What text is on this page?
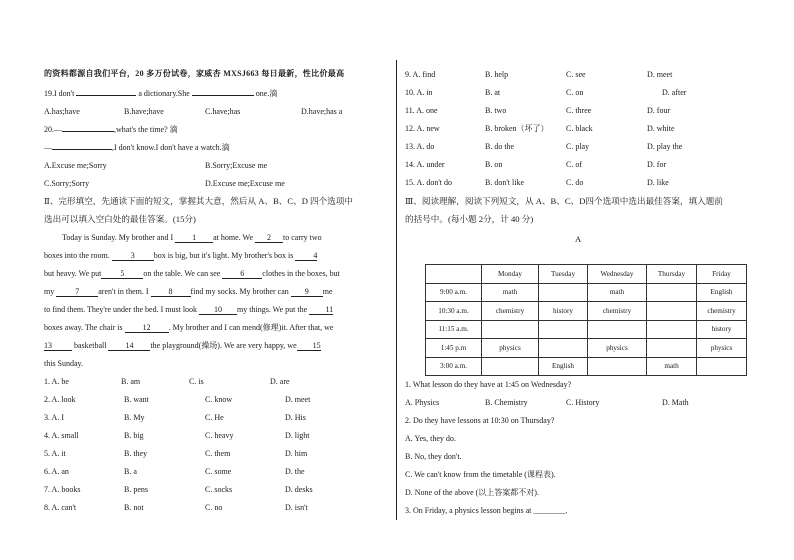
的资料都源自我们平台，20 多万份试卷，家威杏 MXSJ663 每日最新，性比价最高
19.I don't	a dictionary.She	one.滴
A.has;have	B.have;have	C.have;has	D.have;has a
20.—	,what's the time? 滴
—	,I don't know.I don't have a watch.滴
A.Excuse me;Sorry	B.Sorry;Excuse me
C.Sorry;Sorry	D.Excuse me;Excuse me
Ⅱ、完形填空，先通读下面的短文，掌握其大意，然后从 A、B、C、D 四个选项中
选出可以填入空白处的最佳答案。(15分)
Today is Sunday. My brother and I 1 at home. We 2 to carry two
boxes into the room. 3 box is big, but it's light. My brother's box is 4
but heavy. We put 5 on the table. We can see 6 clothes in the boxes, but
my 7 aren't in them. I 8 find my socks. My brother can 9 me
to find them. They're under the bed. I must look 10 my things. We put the 11
boxes away. The chair is 12 . My brother and I can mend(修理)it. After that, we
13	basketball 14 the playground(操场). We are very happy, we 15
this Sunday.
1. A. be	B. am	C. is	D. are
2. A. look	B. want	C. know	D. meet
3. A. I	B. My	C. He	D. His
4. A. small	B. big	C. heavy	D. light
5. A. it	B. they	C. them	D. him
6. A. an	B. a	C. some	D. the
7. A. books	B. pens	C. socks	D. desks
8. A. can't	B. not	C. no	D. isn't
9. A. find	B. help	C. see	D. meet
10. A. in	B. at	C. on	D. after
11. A. one	B. two	C. three	D. four
12. A. new	B. broken（坏了） C. black	D. white
13. A. do	B. do the	C. play	D. play the
14. A. under	B. on	C. of	D. for
15. A. don't do	B. don't like	C. do	D. like
Ⅲ、阅读理解，阅读下列短文，从 A、B、C、D四个选项中选出最佳答案，填入题前
的括号中。(每小题 2分，计 40 分)
A
	Monday	Tuesday	Wednesday	Thursday	Friday
9:00 a.m.	math		math		English
10:30 a.m.	chemistry	history	chemistry		chemistry
11:15 a.m.					history
1:45 p.m	physics		physics		physics
3:00 a.m.		English		math	
1. What lesson do they have at 1:45 on Wednesday?
A. Physics	B. Chemistry	C. History	D. Math
2. Do they have lessons at 10:30 on Thursday?
A. Yes, they do.
B. No, they don't.
C. We can't know from the timetable (课程表).
D. None of the above (以上答案都不对).
3. On Friday, a physics lesson begins at ________.
